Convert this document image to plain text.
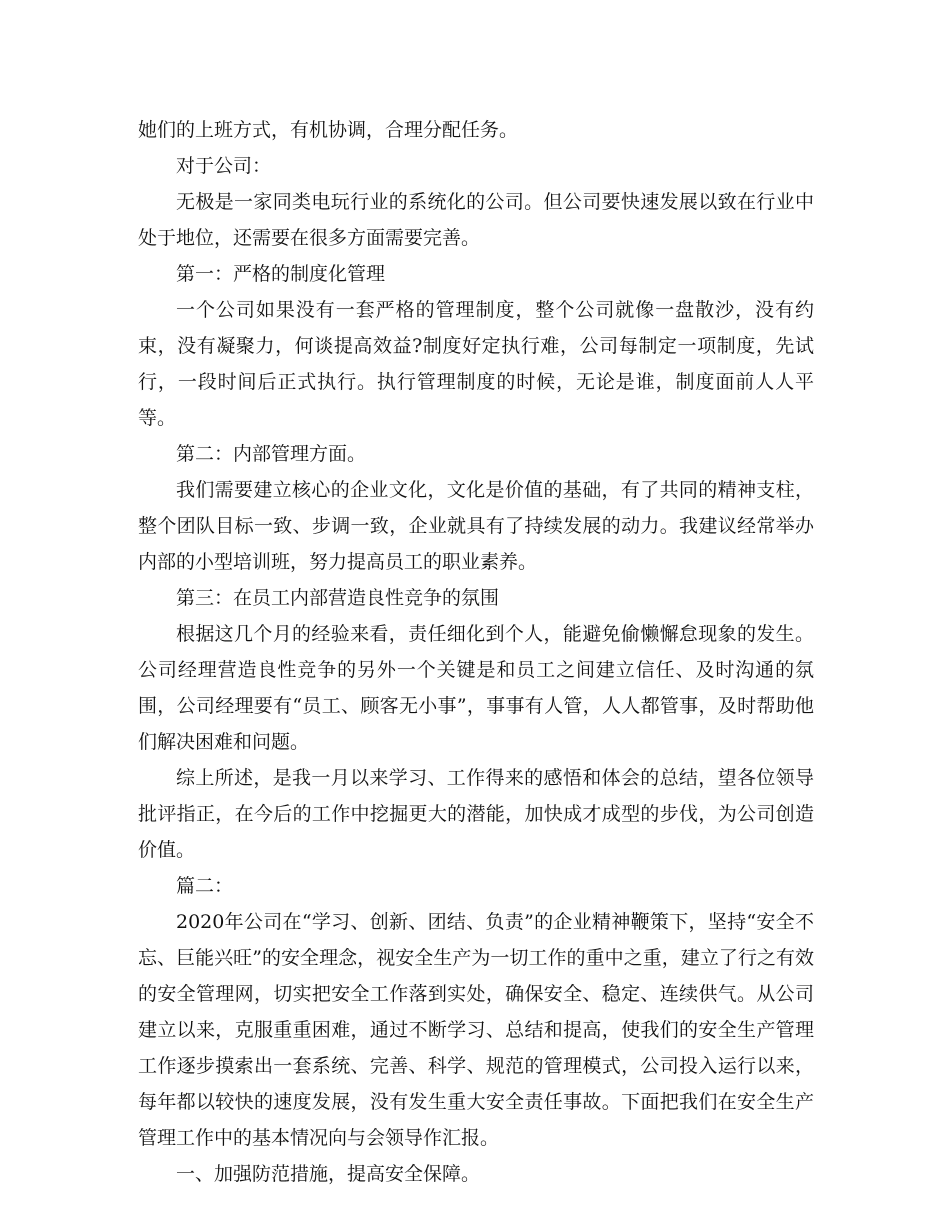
她们的上班方式，有机协调，合理分配任务。

对于公司：

无极是一家同类电玩行业的系统化的公司。但公司要快速发展以致在行业中处于地位，还需要在很多方面需要完善。

第一：严格的制度化管理

一个公司如果没有一套严格的管理制度，整个公司就像一盘散沙，没有约束，没有凝聚力，何谈提高效益?制度好定执行难，公司每制定一项制度，先试行，一段时间后正式执行。执行管理制度的时候，无论是谁，制度面前人人平等。

第二：内部管理方面。

我们需要建立核心的企业文化，文化是价值的基础，有了共同的精神支柱，整个团队目标一致、步调一致，企业就具有了持续发展的动力。我建议经常举办内部的小型培训班，努力提高员工的职业素养。

第三：在员工内部营造良性竞争的氛围

根据这几个月的经验来看，责任细化到个人，能避免偷懒懈怠现象的发生。公司经理营造良性竞争的另外一个关键是和员工之间建立信任、及时沟通的氛围，公司经理要有“员工、顾客无小事”，事事有人管，人人都管事，及时帮助他们解决困难和问题。

综上所述，是我一月以来学习、工作得来的感悟和体会的总结，望各位领导批评指正，在今后的工作中挖掘更大的潜能，加快成才成型的步伐，为公司创造价值。

篇二：

2020年公司在“学习、创新、团结、负责”的企业精神鞭策下，坚持“安全不忘、巨能兴旺”的安全理念，视安全生产为一切工作的重中之重，建立了行之有效的安全管理网，切实把安全工作落到实处，确保安全、稳定、连续供气。从公司建立以来，克服重重困难，通过不断学习、总结和提高，使我们的安全生产管理工作逐步摸索出一套系统、完善、科学、规范的管理模式，公司投入运行以来，每年都以较快的速度发展，没有发生重大安全责任事故。下面把我们在安全生产管理工作中的基本情况向与会领导作汇报。

一、加强防范措施，提高安全保障。
